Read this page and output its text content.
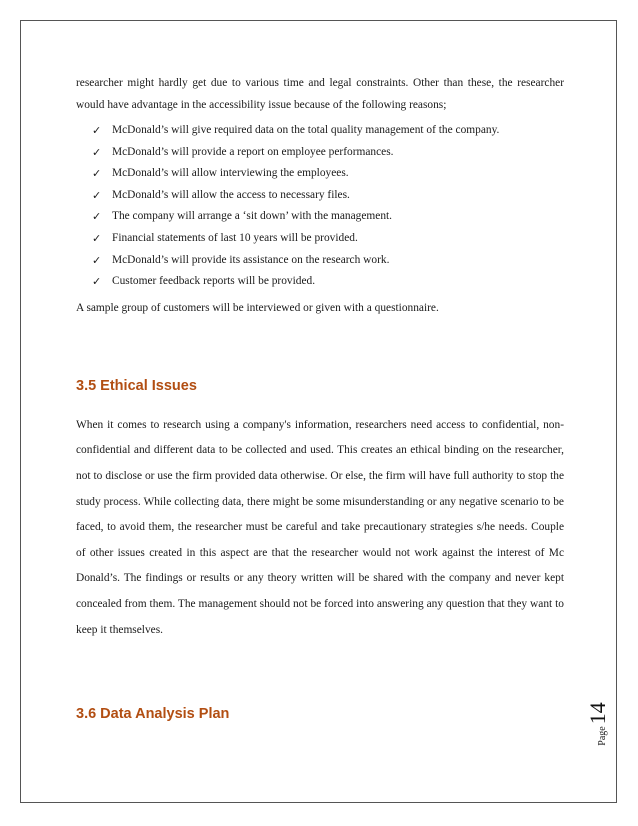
researcher might hardly get due to various time and legal constraints. Other than these, the researcher would have advantage in the accessibility issue because of the following reasons;

✓ McDonald’s will give required data on the total quality management of the company.
✓ McDonald’s will provide a report on employee performances.
✓ McDonald’s will allow interviewing the employees.
✓ McDonald’s will allow the access to necessary files.
✓ The company will arrange a ‘sit down’ with the management.
✓ Financial statements of last 10 years will be provided.
✓ McDonald’s will provide its assistance on the research work.
✓ Customer feedback reports will be provided.

A sample group of customers will be interviewed or given with a questionnaire.

3.5 Ethical Issues

When it comes to research using a company's information, researchers need access to confidential, non-confidential and different data to be collected and used. This creates an ethical binding on the researcher, not to disclose or use the firm provided data otherwise. Or else, the firm will have full authority to stop the study process. While collecting data, there might be some misunderstanding or any negative scenario to be faced, to avoid them, the researcher must be careful and take precautionary strategies s/he needs. Couple of other issues created in this aspect are that the researcher would not work against the interest of Mc Donald’s. The findings or results or any theory written will be shared with the company and never kept concealed from them. The management should not be forced into answering any question that they want to keep it themselves.

3.6 Data Analysis Plan
Page
14
